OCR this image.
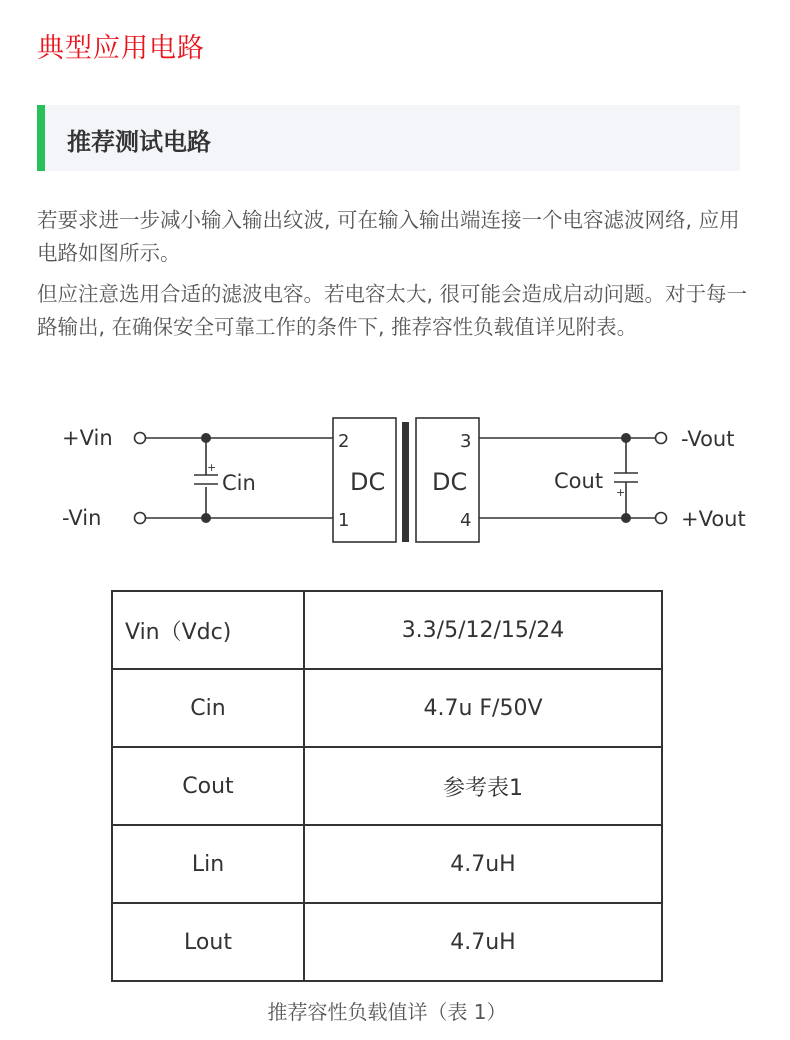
典型应用电路
推荐测试电路

若要求进一步减小输入输出纹波, 可在输入输出端连接一个电容滤波网络, 应用电路如图所示。

但应注意选用合适的滤波电容。若电容太大, 很可能会造成启动问题。对于每一路输出, 在确保安全可靠工作的条件下, 推荐容性负载值详见附表。

+Vin
-Vin
+
Cin
2
1
DC DC
3
4
Cout +
-Vout
+Vout
Vin（Vdc)	3.3/5/12/15/24
Cin	4.7u F/50V
Cout	参考表1
Lin	4.7uH
Lout	4.7uH
推荐容性负载值详（表 1）
